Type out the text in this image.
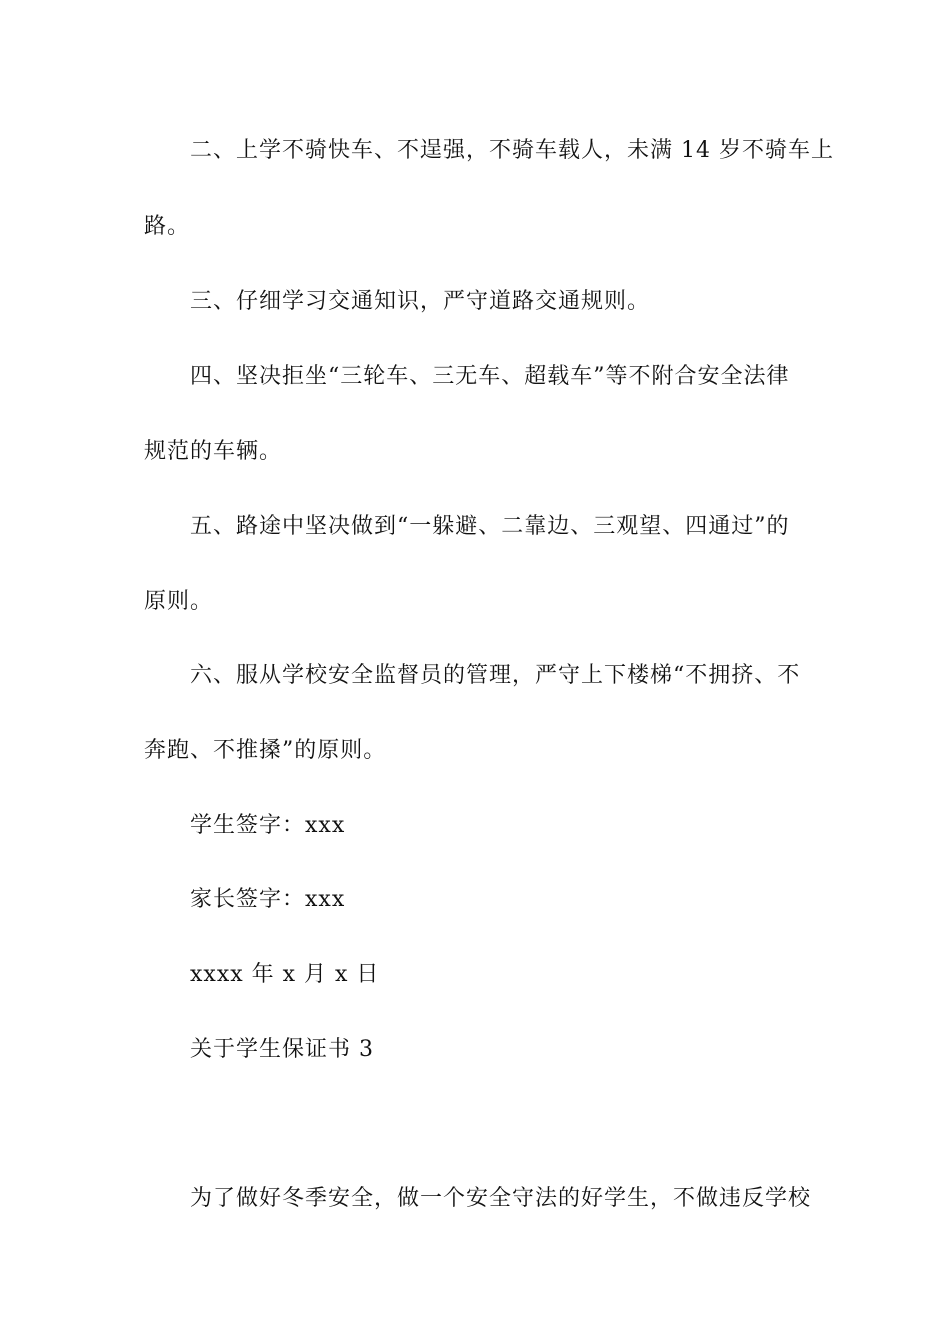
二、上学不骑快车、不逞强，不骑车载人，未满 14 岁不骑车上
路。
三、仔细学习交通知识，严守道路交通规则。
四、坚决拒坐“三轮车、三无车、超载车”等不附合安全法律
规范的车辆。
五、路途中坚决做到“一躲避、二靠边、三观望、四通过”的
原则。
六、服从学校安全监督员的管理，严守上下楼梯“不拥挤、不
奔跑、不推搡”的原则。
学生签字：xxx
家长签字：xxx
xxxx 年 x 月 x 日
关于学生保证书 3
为了做好冬季安全，做一个安全守法的好学生，不做违反学校
